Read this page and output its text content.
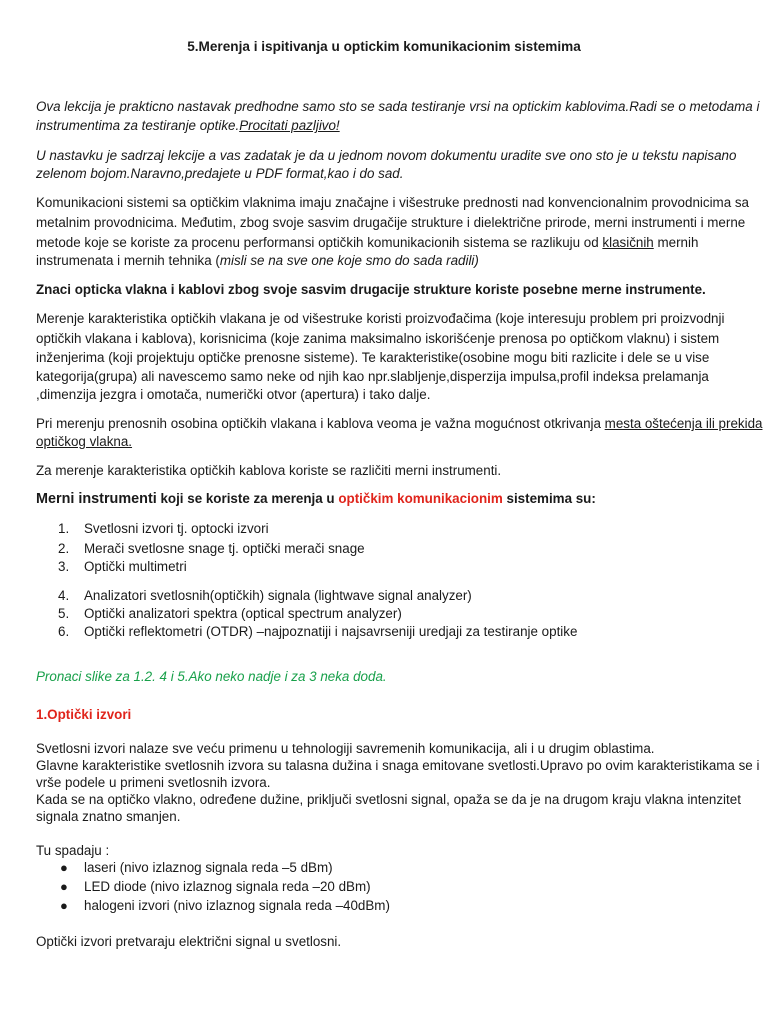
5.Merenja i ispitivanja u optickim komunikacionim sistemima
Ova lekcija je prakticno nastavak predhodne samo sto se sada testiranje vrsi na optickim kablovima.Radi se o metodama i
instrumentima za testiranje optike.Procitati pazljivo!
U nastavku je sadrzaj lekcije a vas zadatak je da u jednom novom dokumentu uradite sve ono sto je u tekstu napisano
zelenom bojom.Naravno,predajete u PDF format,kao i do sad.
Komunikacioni sistemi sa optičkim vlaknima imaju značajne i višestruke prednosti nad konvencionalnim provodnicima sa
metalnim provodnicima. Međutim, zbog svoje sasvim drugačije strukture i dielektrične prirode, merni instrumenti i merne
metode koje se koriste za procenu performansi optičkih komunikacionih sistema se razlikuju od klasičnih mernih
instrumenata i mernih tehnika (misli se na sve one koje smo do sada radili)
Znaci opticka vlakna i kablovi zbog svoje sasvim drugacije strukture koriste posebne merne instrumente.
Merenje karakteristika optičkih vlakana je od višestruke koristi proizvođačima (koje interesuju problem pri proizvodnji
optičkih vlakana i kablova), korisnicima (koje zanima maksimalno iskorišćenje prenosa po optičkom vlaknu) i sistem
inženjerima (koji projektuju optičke prenosne sisteme). Te karakteristike(osobine mogu biti razlicite i dele se u vise
kategorija(grupa) ali navescemo samo neke od njih kao npr.slabljenje,disperzija impulsa,profil indeksa prelamanja
,dimenzija jezgra i omotača, numerički otvor (apertura) i tako dalje.
Pri merenju prenosnih osobina optičkih vlakana i kablova veoma je važna mogućnost otkrivanja mesta oštećenja ili prekida
optičkog vlakna.
Za merenje karakteristika optičkih kablova koriste se različiti merni instrumenti.
Merni instrumenti koji se koriste za merenja u optičkim komunikacionim sistemima su:
1. Svetlosni izvori tj. optocki izvori
2. Merači svetlosne snage tj. optički merači snage
3. Optički multimetri
4. Analizatori svetlosnih(optičkih) signala (lightwave signal analyzer)
5. Optički analizatori spektra (optical spectrum analyzer)
6. Optički reflektometri (OTDR) –najpoznatiji i najsavrseniji uredjaji za testiranje optike
Pronaci slike za 1.2. 4 i 5.Ako neko nadje i za 3 neka doda.
1.Optički izvori
Svetlosni izvori nalaze sve veću primenu u tehnologiji savremenih komunikacija, ali i u drugim oblastima.
Glavne karakteristike svetlosnih izvora su talasna dužina i snaga emitovane svetlosti.Upravo po ovim karakteristikama se i
vrše podele u primeni svetlosnih izvora.
Kada se na optičko vlakno, određene dužine, priključi svetlosni signal, opaža se da je na drugom kraju vlakna intenzitet
signala znatno smanjen.
Tu spadaju :
● laseri (nivo izlaznog signala reda –5 dBm)
● LED diode (nivo izlaznog signala reda –20 dBm)
● halogeni izvori (nivo izlaznog signala reda –40dBm)
Optički izvori pretvaraju električni signal u svetlosni.
